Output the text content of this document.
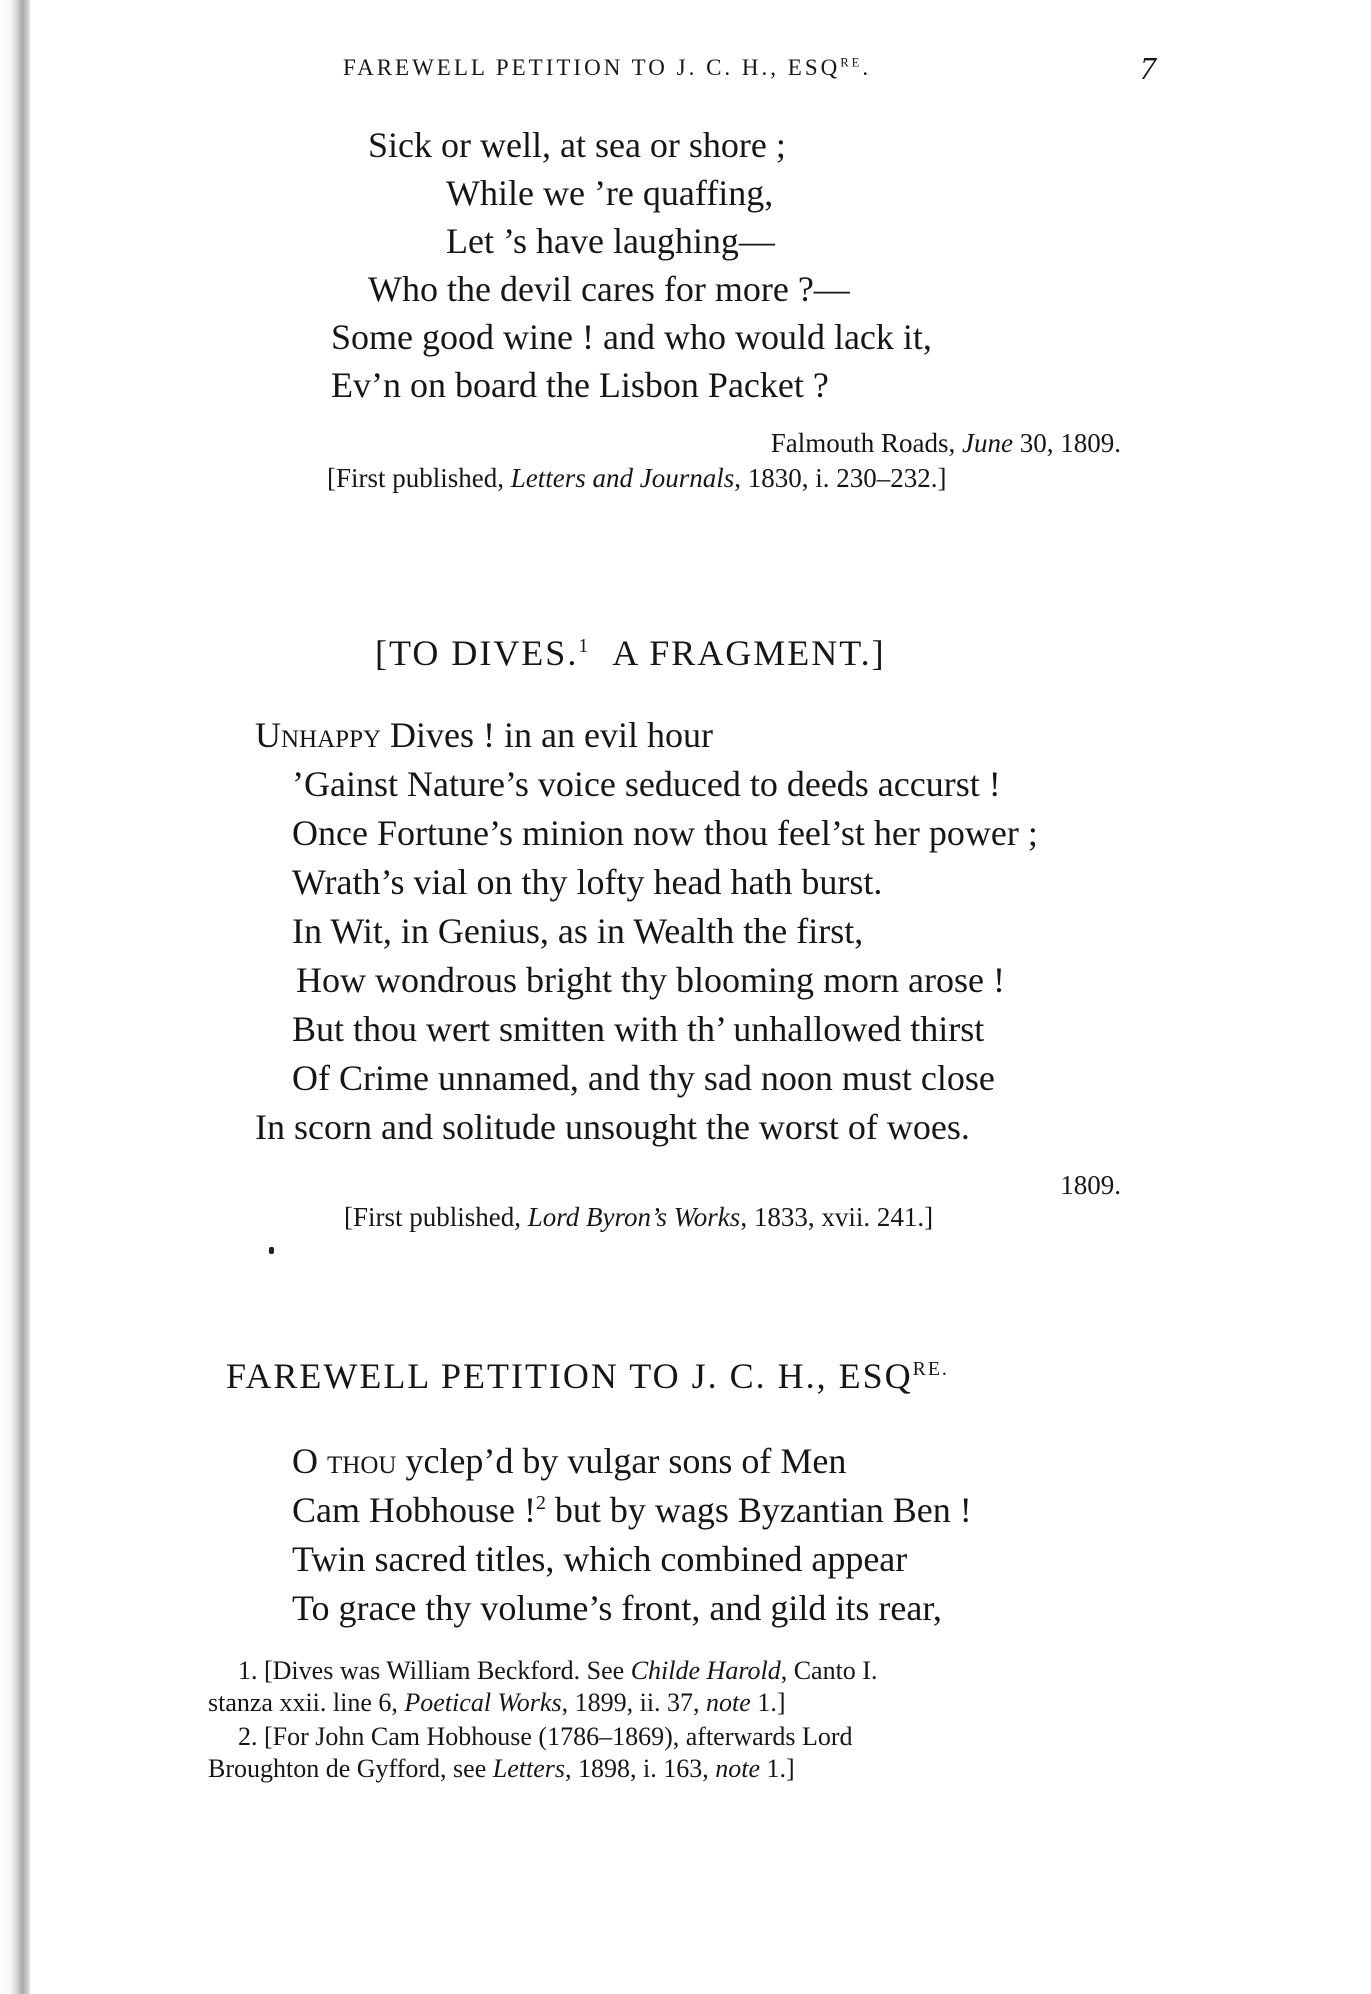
FAREWELL PETITION TO J. C. H., $ESQ^{RE}$.	7
Sick or well, at sea or shore ;
While we ’re quaffing,
Let ’s have laughing—
Who the devil cares for more ?—
Some good wine ! and who would lack it,
Ev’n on board the Lisbon Packet ?
Falmouth Roads, June 30, 1809.
[First published, Letters and Journals, 1830, i. 230–232.]
[TO DIVES.$^1$ A FRAGMENT.]
Unhappy Dives ! in an evil hour
’Gainst Nature’s voice seduced to deeds accurst !
Once Fortune’s minion now thou feel’st her power ;
Wrath’s vial on thy lofty head hath burst.
In Wit, in Genius, as in Wealth the first,
How wondrous bright thy blooming morn arose !
But thou wert smitten with th’ unhallowed thirst
Of Crime unnamed, and thy sad noon must close
In scorn and solitude unsought the worst of woes.
1809.
[First published, Lord Byron’s Works, 1833, xvii. 241.]
FAREWELL PETITION TO J. C. H., $ESQ^{RE.}$
O thou yclep’d by vulgar sons of Men
Cam Hobhouse !$^2$ but by wags Byzantian Ben !
Twin sacred titles, which combined appear
To grace thy volume’s front, and gild its rear,
1. [Dives was William Beckford. See Childe Harold, Canto I.
stanza xxii. line 6, Poetical Works, 1899, ii. 37, note 1.]
2. [For John Cam Hobhouse (1786–1869), afterwards Lord
Broughton de Gyfford, see Letters, 1898, i. 163, note 1.]
